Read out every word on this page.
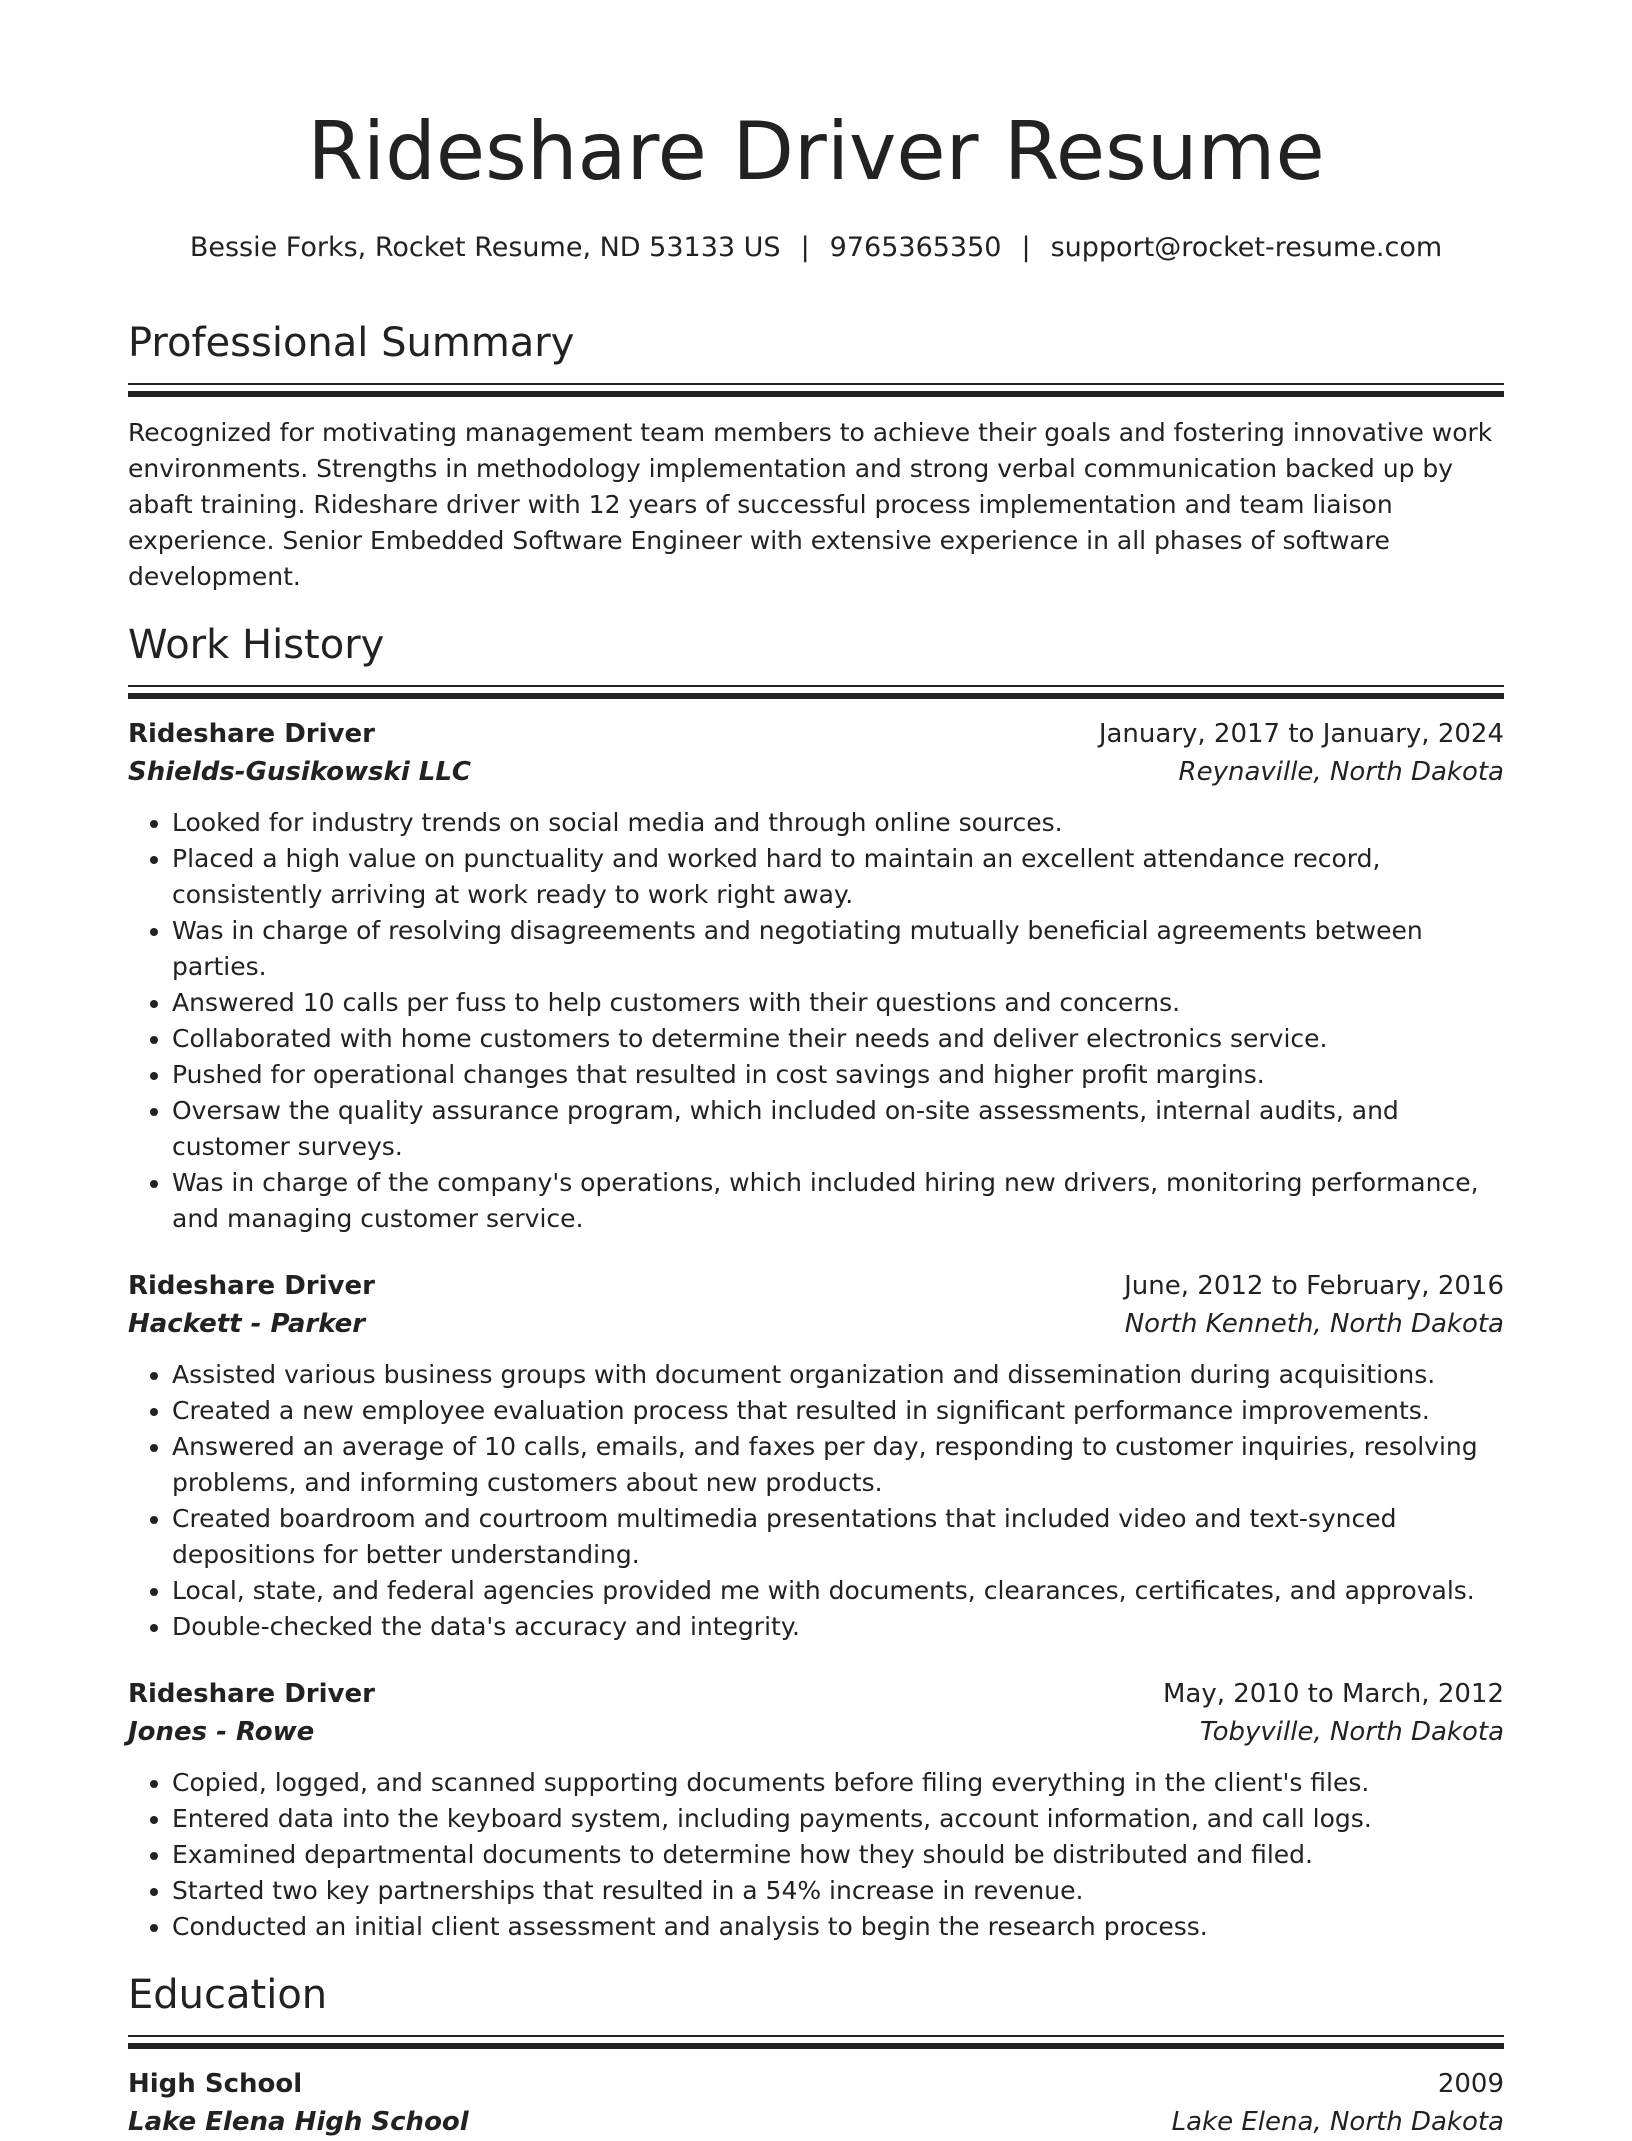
Rideshare Driver Resume
Bessie Forks, Rocket Resume, ND 53133 US | 9765365350 | support@rocket-resume.com
Professional Summary

Recognized for motivating management team members to achieve their goals and fostering innovative work environments. Strengths in methodology implementation and strong verbal communication backed up by abaft training. Rideshare driver with 12 years of successful process implementation and team liaison experience. Senior Embedded Software Engineer with extensive experience in all phases of software development.

Work History
Rideshare Driver	January, 2017 to January, 2024
Shields-Gusikowski LLC	Reynaville, North Dakota
• Looked for industry trends on social media and through online sources.
• Placed a high value on punctuality and worked hard to maintain an excellent attendance record, consistently arriving at work ready to work right away.
• Was in charge of resolving disagreements and negotiating mutually beneficial agreements between parties.
• Answered 10 calls per fuss to help customers with their questions and concerns.
• Collaborated with home customers to determine their needs and deliver electronics service.
• Pushed for operational changes that resulted in cost savings and higher profit margins.
• Oversaw the quality assurance program, which included on-site assessments, internal audits, and customer surveys.
• Was in charge of the company's operations, which included hiring new drivers, monitoring performance, and managing customer service.
Rideshare Driver	June, 2012 to February, 2016
Hackett - Parker	North Kenneth, North Dakota
• Assisted various business groups with document organization and dissemination during acquisitions.
• Created a new employee evaluation process that resulted in significant performance improvements.
• Answered an average of 10 calls, emails, and faxes per day, responding to customer inquiries, resolving problems, and informing customers about new products.
• Created boardroom and courtroom multimedia presentations that included video and text-synced depositions for better understanding.
• Local, state, and federal agencies provided me with documents, clearances, certificates, and approvals.
• Double-checked the data's accuracy and integrity.
Rideshare Driver	May, 2010 to March, 2012
Jones - Rowe	Tobyville, North Dakota
• Copied, logged, and scanned supporting documents before filing everything in the client's files.
• Entered data into the keyboard system, including payments, account information, and call logs.
• Examined departmental documents to determine how they should be distributed and filed.
• Started two key partnerships that resulted in a 54% increase in revenue.
• Conducted an initial client assessment and analysis to begin the research process.
Education
High School	2009
Lake Elena High School	Lake Elena, North Dakota
